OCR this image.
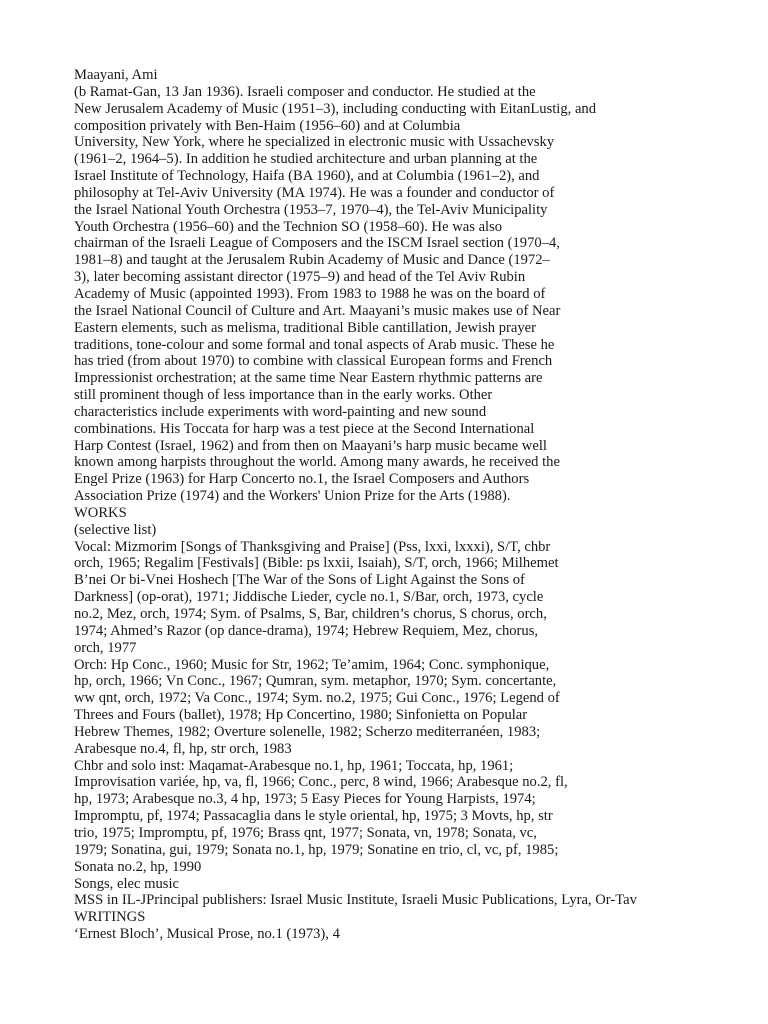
Maayani, Ami
(b Ramat-Gan, 13 Jan 1936). Israeli composer and conductor. He studied at the
New Jerusalem Academy of Music (1951–3), including conducting with EitanLustig, and
composition privately with Ben-Haim (1956–60) and at Columbia
University, New York, where he specialized in electronic music with Ussachevsky
(1961–2, 1964–5). In addition he studied architecture and urban planning at the
Israel Institute of Technology, Haifa (BA 1960), and at Columbia (1961–2), and
philosophy at Tel-Aviv University (MA 1974). He was a founder and conductor of
the Israel National Youth Orchestra (1953–7, 1970–4), the Tel-Aviv Municipality
Youth Orchestra (1956–60) and the Technion SO (1958–60). He was also
chairman of the Israeli League of Composers and the ISCM Israel section (1970–4,
1981–8) and taught at the Jerusalem Rubin Academy of Music and Dance (1972–
3), later becoming assistant director (1975–9) and head of the Tel Aviv Rubin
Academy of Music (appointed 1993). From 1983 to 1988 he was on the board of
the Israel National Council of Culture and Art. Maayani’s music makes use of Near
Eastern elements, such as melisma, traditional Bible cantillation, Jewish prayer
traditions, tone-colour and some formal and tonal aspects of Arab music. These he
has tried (from about 1970) to combine with classical European forms and French
Impressionist orchestration; at the same time Near Eastern rhythmic patterns are
still prominent though of less importance than in the early works. Other
characteristics include experiments with word-painting and new sound
combinations. His Toccata for harp was a test piece at the Second International
Harp Contest (Israel, 1962) and from then on Maayani’s harp music became well
known among harpists throughout the world. Among many awards, he received the
Engel Prize (1963) for Harp Concerto no.1, the Israel Composers and Authors
Association Prize (1974) and the Workers' Union Prize for the Arts (1988).
WORKS
(selective list)
Vocal: Mizmorim [Songs of Thanksgiving and Praise] (Pss, lxxi, lxxxi), S/T, chbr
orch, 1965; Regalim [Festivals] (Bible: ps lxxii, Isaiah), S/T, orch, 1966; Milhemet
B’nei Or bi-Vnei Hoshech [The War of the Sons of Light Against the Sons of
Darkness] (op-orat), 1971; Jiddische Lieder, cycle no.1, S/Bar, orch, 1973, cycle
no.2, Mez, orch, 1974; Sym. of Psalms, S, Bar, children’s chorus, S chorus, orch,
1974; Ahmed’s Razor (op dance-drama), 1974; Hebrew Requiem, Mez, chorus,
orch, 1977
Orch: Hp Conc., 1960; Music for Str, 1962; Te’amim, 1964; Conc. symphonique,
hp, orch, 1966; Vn Conc., 1967; Qumran, sym. metaphor, 1970; Sym. concertante,
ww qnt, orch, 1972; Va Conc., 1974; Sym. no.2, 1975; Gui Conc., 1976; Legend of
Threes and Fours (ballet), 1978; Hp Concertino, 1980; Sinfonietta on Popular
Hebrew Themes, 1982; Overture solenelle, 1982; Scherzo mediterranéen, 1983;
Arabesque no.4, fl, hp, str orch, 1983
Chbr and solo inst: Maqamat-Arabesque no.1, hp, 1961; Toccata, hp, 1961;
Improvisation variée, hp, va, fl, 1966; Conc., perc, 8 wind, 1966; Arabesque no.2, fl,
hp, 1973; Arabesque no.3, 4 hp, 1973; 5 Easy Pieces for Young Harpists, 1974;
Impromptu, pf, 1974; Passacaglia dans le style oriental, hp, 1975; 3 Movts, hp, str
trio, 1975; Impromptu, pf, 1976; Brass qnt, 1977; Sonata, vn, 1978; Sonata, vc,
1979; Sonatina, gui, 1979; Sonata no.1, hp, 1979; Sonatine en trio, cl, vc, pf, 1985;
Sonata no.2, hp, 1990
Songs, elec music
MSS in IL-JPrincipal publishers: Israel Music Institute, Israeli Music Publications, Lyra, Or-Tav
WRITINGS
‘Ernest Bloch’, Musical Prose, no.1 (1973), 4
